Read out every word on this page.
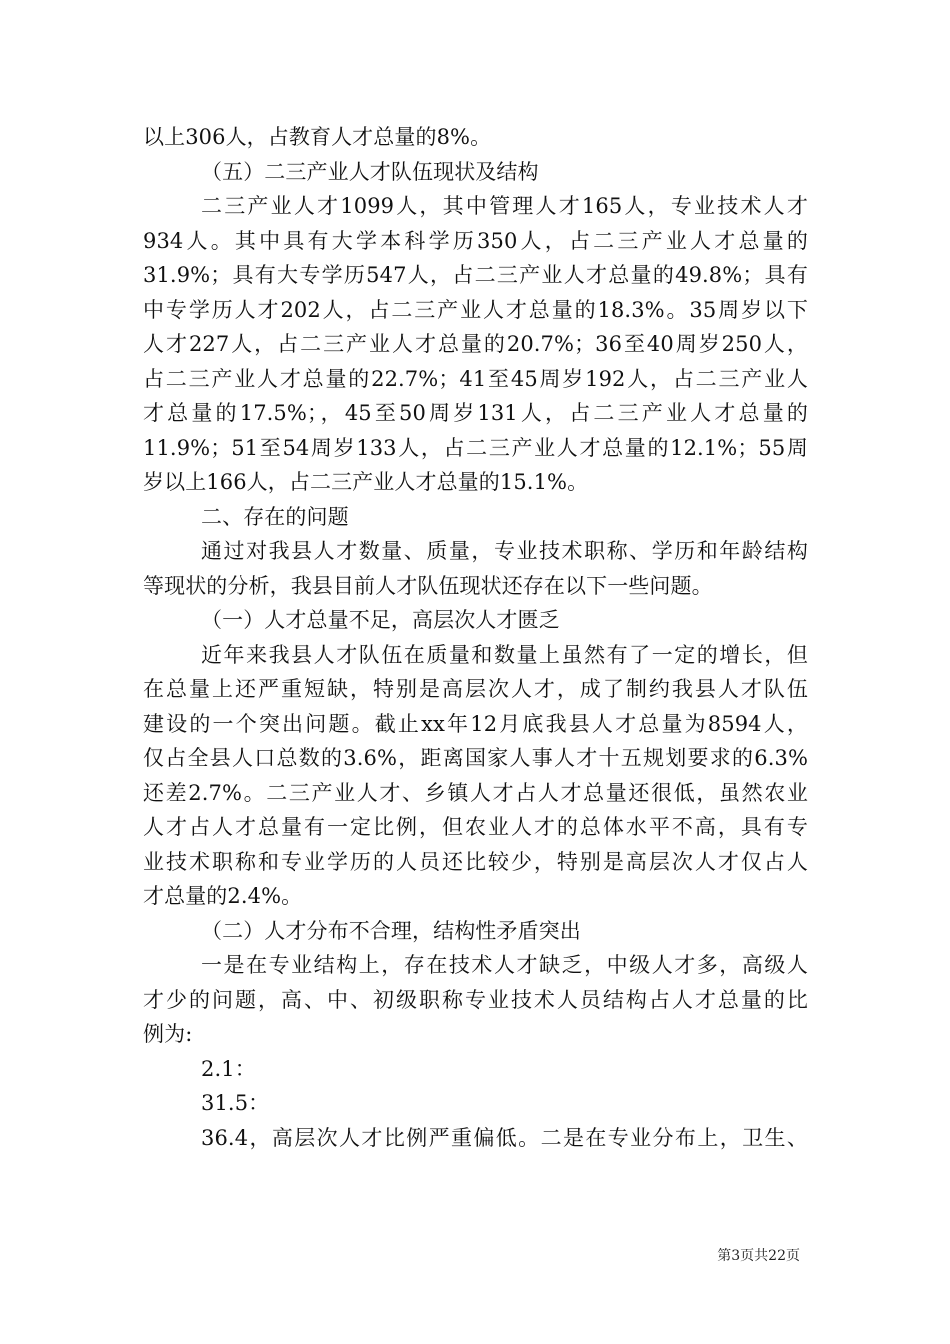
以上306人，占教育人才总量的8%。
（五）二三产业人才队伍现状及结构
二三产业人才1099人，其中管理人才165人，专业技术人才
934人。其中具有大学本科学历350人，占二三产业人才总量的
31.9%；具有大专学历547人，占二三产业人才总量的49.8%；具有
中专学历人才202人，占二三产业人才总量的18.3%。35周岁以下
人才227人，占二三产业人才总量的20.7%；36至40周岁250人，
占二三产业人才总量的22.7%；41至45周岁192人，占二三产业人
才总量的17.5%；，45至50周岁131人，占二三产业人才总量的
11.9%；51至54周岁133人，占二三产业人才总量的12.1%；55周
岁以上166人，占二三产业人才总量的15.1%。
二、存在的问题
通过对我县人才数量、质量，专业技术职称、学历和年龄结构
等现状的分析，我县目前人才队伍现状还存在以下一些问题。
（一）人才总量不足，高层次人才匮乏
近年来我县人才队伍在质量和数量上虽然有了一定的增长，但
在总量上还严重短缺，特别是高层次人才，成了制约我县人才队伍
建设的一个突出问题。截止xx年12月底我县人才总量为8594人，
仅占全县人口总数的3.6%，距离国家人事人才十五规划要求的6.3%
还差2.7%。二三产业人才、乡镇人才占人才总量还很低，虽然农业
人才占人才总量有一定比例，但农业人才的总体水平不高，具有专
业技术职称和专业学历的人员还比较少，特别是高层次人才仅占人
才总量的2.4%。
（二）人才分布不合理，结构性矛盾突出
一是在专业结构上，存在技术人才缺乏，中级人才多，高级人
才少的问题，高、中、初级职称专业技术人员结构占人才总量的比
例为:
2.1：
31.5：
36.4，高层次人才比例严重偏低。二是在专业分布上，卫生、
第3页共22页
